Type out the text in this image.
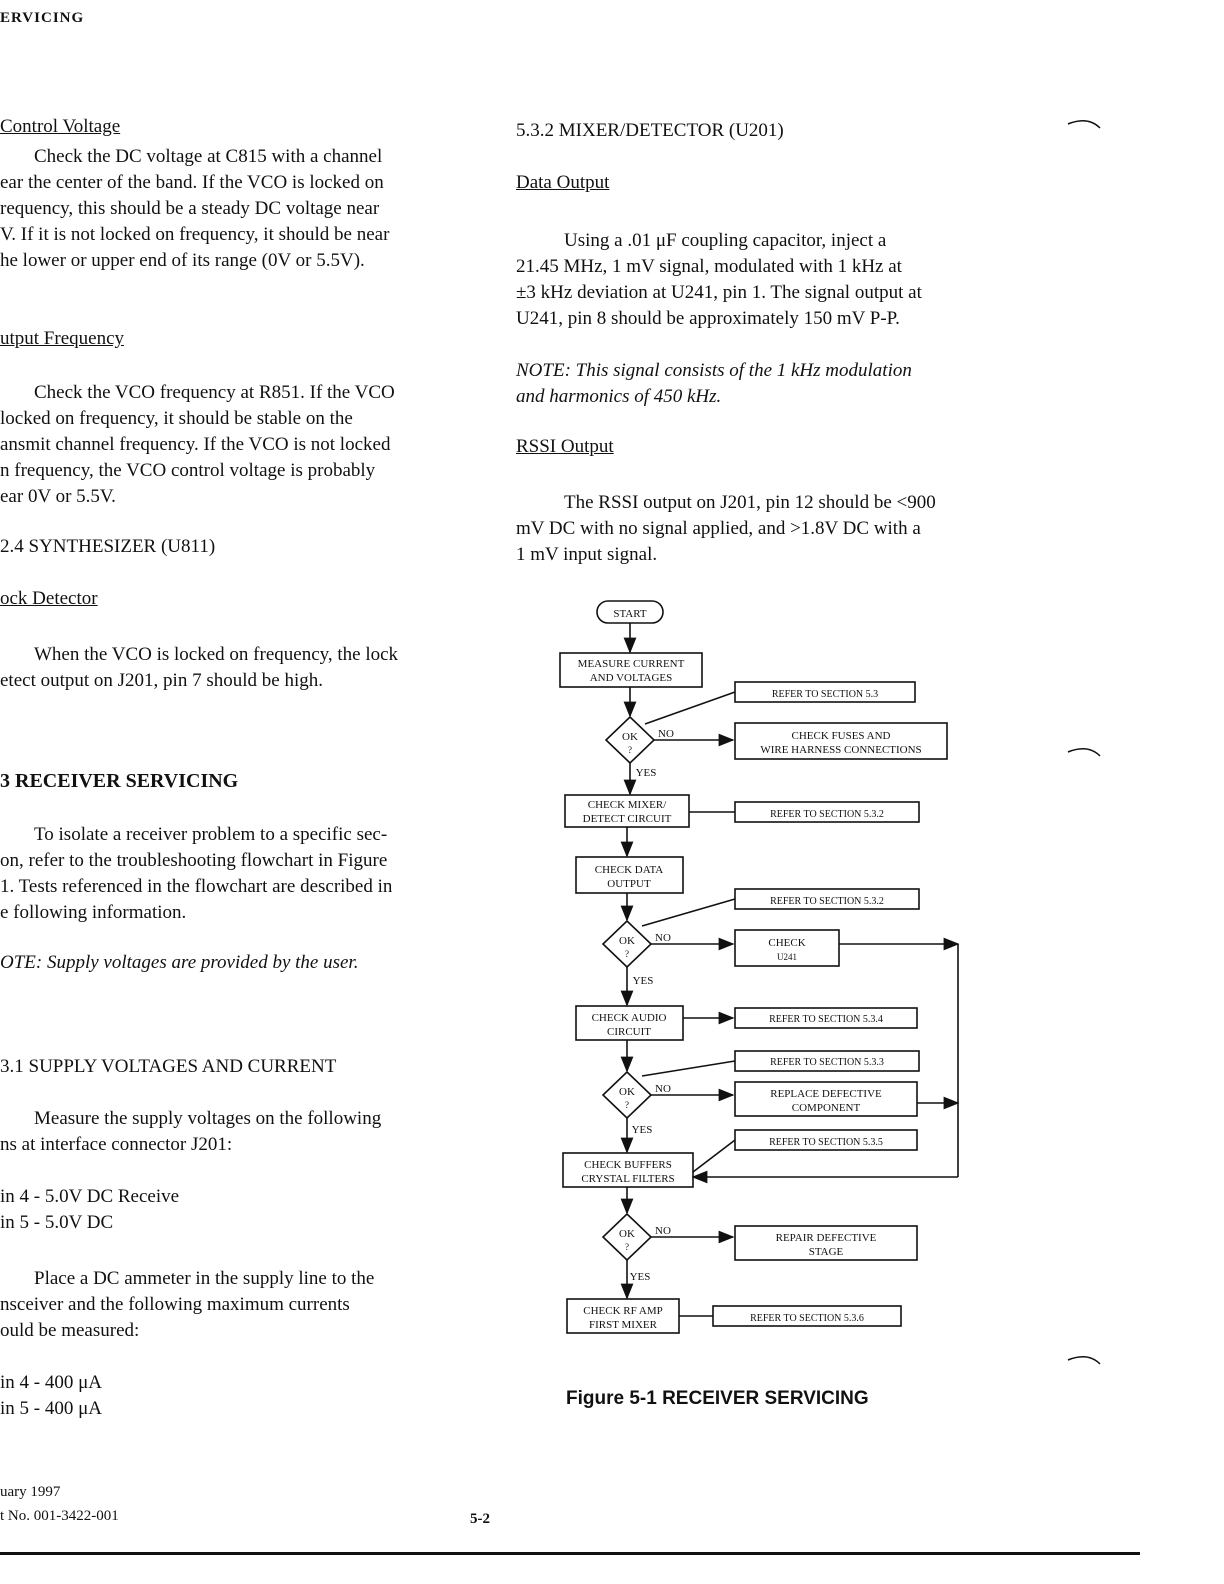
ERVICING
Control Voltage
Check the DC voltage at C815 with a channel
ear the center of the band. If the VCO is locked on
requency, this should be a steady DC voltage near
V. If it is not locked on frequency, it should be near
he lower or upper end of its range (0V or 5.5V).
utput Frequency
Check the VCO frequency at R851. If the VCO
locked on frequency, it should be stable on the
ansmit channel frequency. If the VCO is not locked
n frequency, the VCO control voltage is probably
ear 0V or 5.5V.
2.4 SYNTHESIZER (U811)
ock Detector
When the VCO is locked on frequency, the lock
etect output on J201, pin 7 should be high.
3 RECEIVER SERVICING
To isolate a receiver problem to a specific sec-
on, refer to the troubleshooting flowchart in Figure
1. Tests referenced in the flowchart are described in
e following information.
OTE: Supply voltages are provided by the user.
3.1 SUPPLY VOLTAGES AND CURRENT
Measure the supply voltages on the following
ns at interface connector J201:
in 4 - 5.0V DC Receive
in 5 - 5.0V DC
Place a DC ammeter in the supply line to the
nsceiver and the following maximum currents
ould be measured:
in 4 - 400 μA
in 5 - 400 μA
5.3.2 MIXER/DETECTOR (U201)
Data Output
Using a .01 μF coupling capacitor, inject a
21.45 MHz, 1 mV signal, modulated with 1 kHz at
±3 kHz deviation at U241, pin 1. The signal output at
U241, pin 8 should be approximately 150 mV P-P.
NOTE: This signal consists of the 1 kHz modulation
and harmonics of 450 kHz.
RSSI Output
The RSSI output on J201, pin 12 should be <900
mV DC with no signal applied, and >1.8V DC with a
1 mV input signal.
START
MEASURE CURRENT
AND VOLTAGES
REFER TO SECTION 5.3
OK
?
NO	CHECK FUSES AND
WIRE HARNESS CONNECTIONS
YES
CHECK MIXER/
DETECT CIRCUIT	REFER TO SECTION 5.3.2
CHECK DATA
OUTPUT
REFER TO SECTION 5.3.2
OK
?
NO	CHECK
U241
YES
CHECK AUDIO
CIRCUIT
REFER TO SECTION 5.3.4
REFER TO SECTION 5.3.3
OK
?
NO	REPLACE DEFECTIVE
COMPONENT
YES
REFER TO SECTION 5.3.5
CHECK BUFFERS
CRYSTAL FILTERS
OK
?
NO
REPAIR DEFECTIVE
STAGE
YES
CHECK RF AMP
FIRST MIXER
REFER TO SECTION 5.3.6
Figure 5-1 RECEIVER SERVICING
uary 1997
t No. 001-3422-001	5-2
